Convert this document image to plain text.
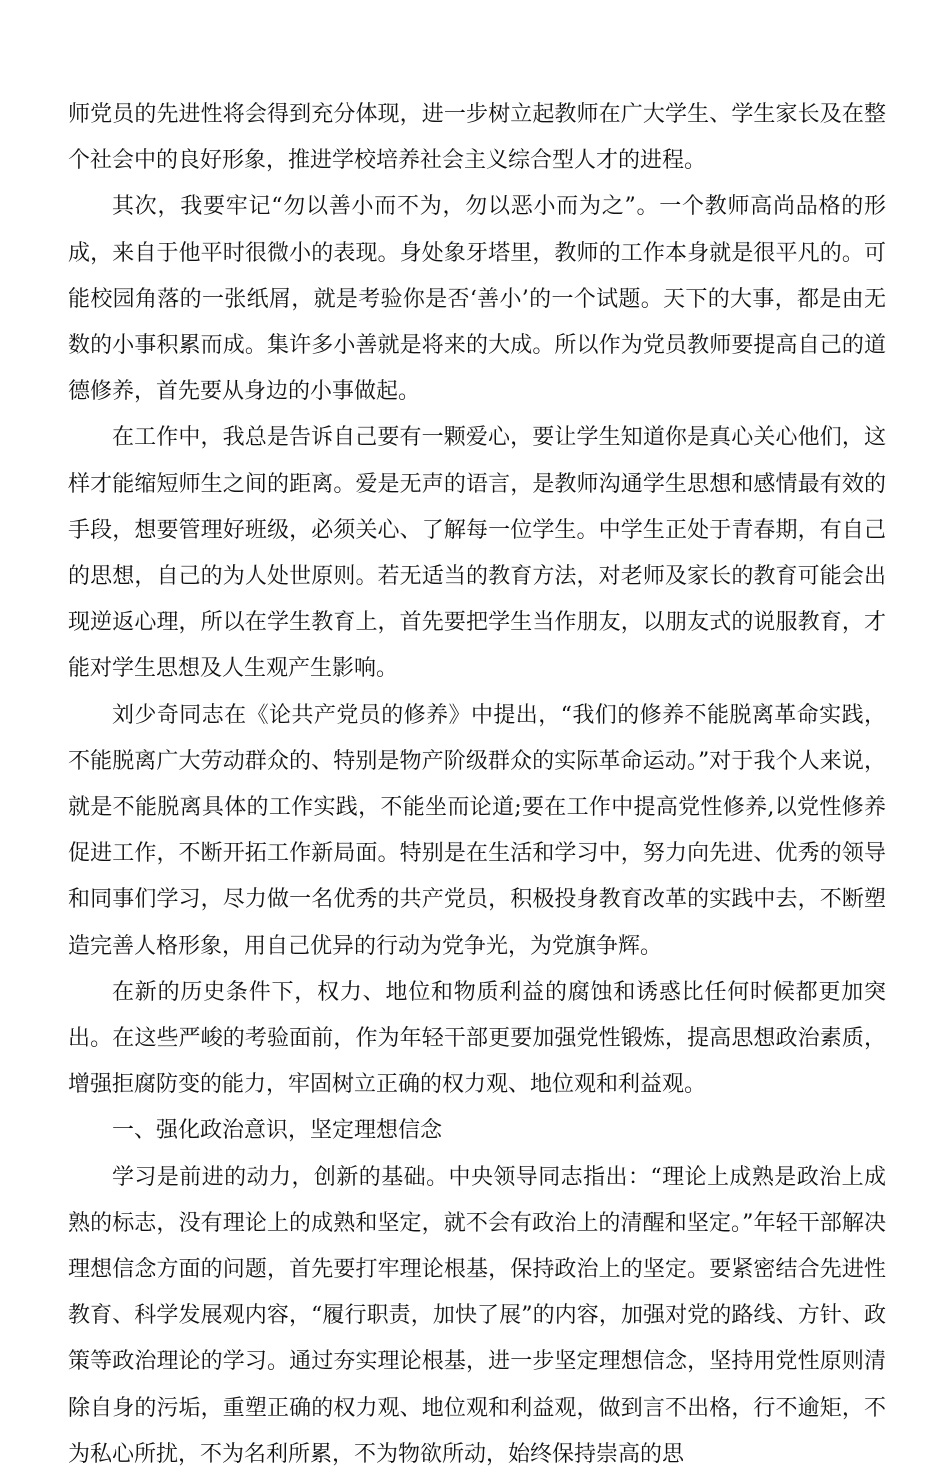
师党员的先进性将会得到充分体现，进一步树立起教师在广大学生、学生家长及在整个社会中的良好形象，推进学校培养社会主义综合型人才的进程。

其次，我要牢记“勿以善小而不为，勿以恶小而为之”。一个教师高尚品格的形成，来自于他平时很微小的表现。身处象牙塔里，教师的工作本身就是很平凡的。可能校园角落的一张纸屑，就是考验你是否‘善小’的一个试题。天下的大事，都是由无数的小事积累而成。集许多小善就是将来的大成。所以作为党员教师要提高自己的道德修养，首先要从身边的小事做起。

在工作中，我总是告诉自己要有一颗爱心，要让学生知道你是真心关心他们，这样才能缩短师生之间的距离。爱是无声的语言，是教师沟通学生思想和感情最有效的手段，想要管理好班级，必须关心、了解每一位学生。中学生正处于青春期，有自己的思想，自己的为人处世原则。若无适当的教育方法，对老师及家长的教育可能会出现逆返心理，所以在学生教育上，首先要把学生当作朋友，以朋友式的说服教育，才能对学生思想及人生观产生影响。

刘少奇同志在《论共产党员的修养》中提出，“我们的修养不能脱离革命实践，不能脱离广大劳动群众的、特别是物产阶级群众的实际革命运动。”对于我个人来说，就是不能脱离具体的工作实践，不能坐而论道;要在工作中提高党性修养,以党性修养促进工作，不断开拓工作新局面。特别是在生活和学习中，努力向先进、优秀的领导和同事们学习，尽力做一名优秀的共产党员，积极投身教育改革的实践中去，不断塑造完善人格形象，用自己优异的行动为党争光，为党旗争辉。

在新的历史条件下，权力、地位和物质利益的腐蚀和诱惑比任何时候都更加突出。在这些严峻的考验面前，作为年轻干部更要加强党性锻炼，提高思想政治素质，增强拒腐防变的能力，牢固树立正确的权力观、地位观和利益观。

一、强化政治意识，坚定理想信念

学习是前进的动力，创新的基础。中央领导同志指出：“理论上成熟是政治上成熟的标志，没有理论上的成熟和坚定，就不会有政治上的清醒和坚定。”年轻干部解决理想信念方面的问题，首先要打牢理论根基，保持政治上的坚定。要紧密结合先进性教育、科学发展观内容，“履行职责，加快了展”的内容，加强对党的路线、方针、政策等政治理论的学习。通过夯实理论根基，进一步坚定理想信念，坚持用党性原则清除自身的污垢，重塑正确的权力观、地位观和利益观，做到言不出格，行不逾矩，不为私心所扰，不为名利所累，不为物欲所动，始终保持崇高的思
